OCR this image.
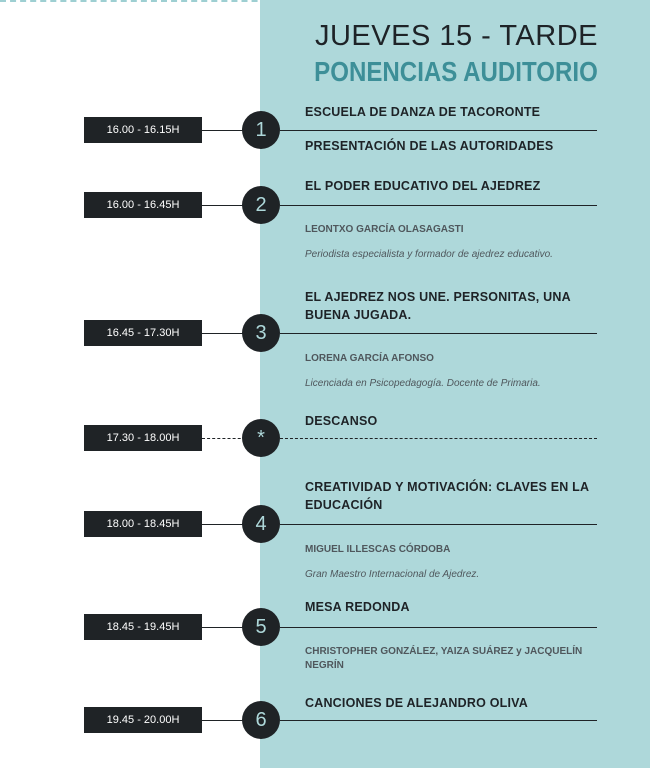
JUEVES 15 - TARDE
PONENCIAS AUDITORIO
16.00 - 16.15H	1
ESCUELA DE DANZA DE TACORONTE
PRESENTACIÓN DE LAS AUTORIDADES
16.00 - 16.45H	2
EL PODER EDUCATIVO DEL AJEDREZ
LEONTXO GARCÍA OLASAGASTI
Periodista especialista y formador de ajedrez educativo.
16.45 - 17.30H	3
EL AJEDREZ NOS UNE. PERSONITAS, UNA BUENA JUGADA.
LORENA GARCÍA AFONSO
Licenciada en Psicopedagogía. Docente de Primaria.
17.30 - 18.00H	*
DESCANSO
18.00 - 18.45H	4
CREATIVIDAD Y MOTIVACIÓN: CLAVES EN LA EDUCACIÓN
MIGUEL ILLESCAS CÓRDOBA
Gran Maestro Internacional de Ajedrez.
18.45 - 19.45H	5
MESA REDONDA
CHRISTOPHER GONZÁLEZ, YAIZA SUÁREZ y JACQUELÍN NEGRÍN
19.45 - 20.00H	6
CANCIONES DE ALEJANDRO OLIVA
